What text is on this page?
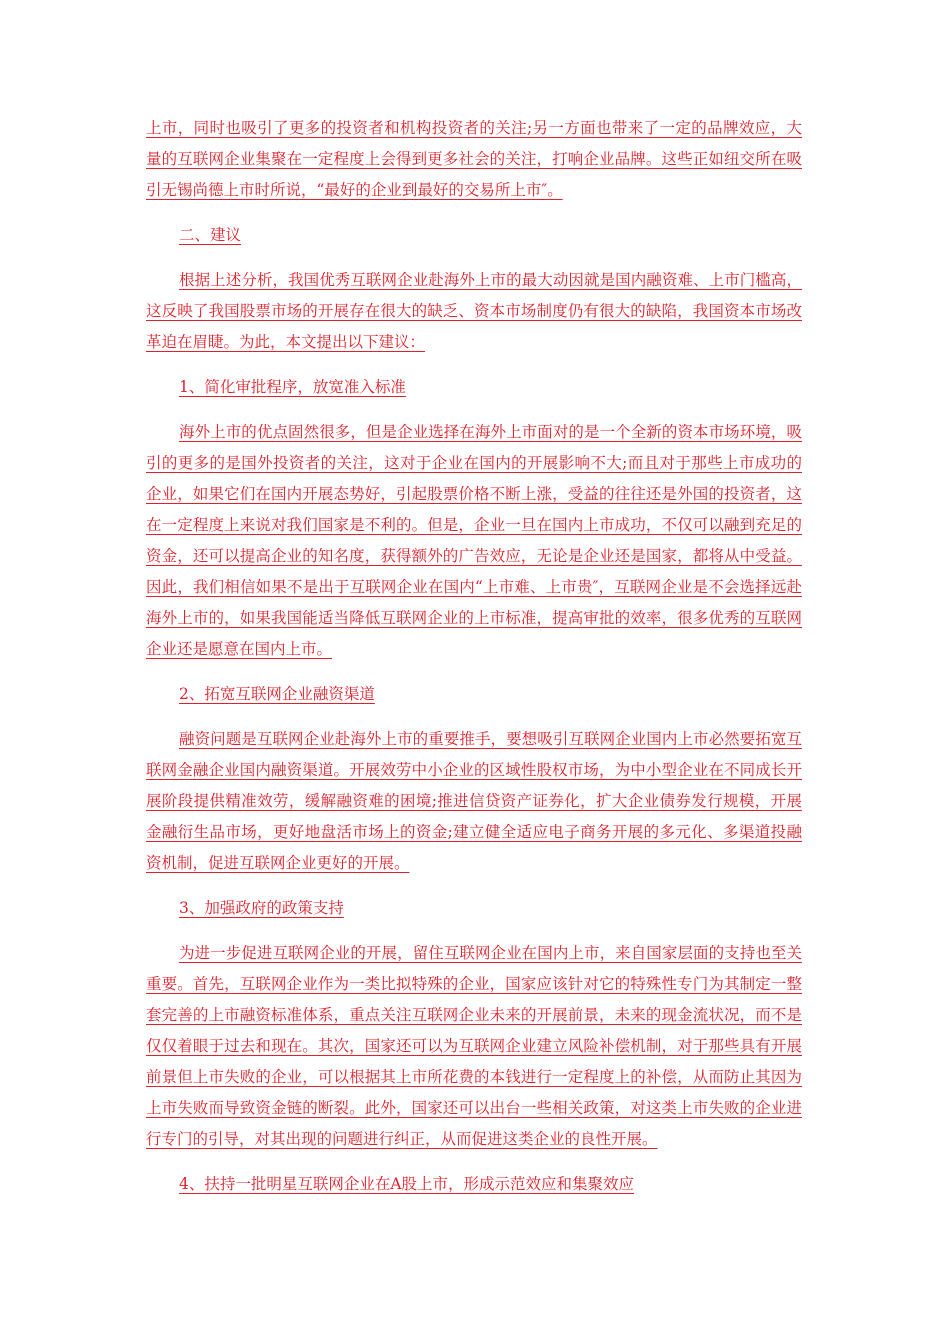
上市，同时也吸引了更多的投资者和机构投资者的关注;另一方面也带来了一定的品牌效应，大量的互联网企业集聚在一定程度上会得到更多社会的关注，打响企业品牌。这些正如纽交所在吸引无锡尚德上市时所说，“最好的企业到最好的交易所上市″。

二、建议

根据上述分析，我国优秀互联网企业赴海外上市的最大动因就是国内融资难、上市门槛高，这反映了我国股票市场的开展存在很大的缺乏、资本市场制度仍有很大的缺陷，我国资本市场改革迫在眉睫。为此，本文提出以下建议：

1、简化审批程序，放宽准入标准

海外上市的优点固然很多，但是企业选择在海外上市面对的是一个全新的资本市场环境，吸引的更多的是国外投资者的关注，这对于企业在国内的开展影响不大;而且对于那些上市成功的企业，如果它们在国内开展态势好，引起股票价格不断上涨，受益的往往还是外国的投资者，这在一定程度上来说对我们国家是不利的。但是，企业一旦在国内上市成功，不仅可以融到充足的资金，还可以提高企业的知名度，获得额外的广告效应，无论是企业还是国家，都将从中受益。因此，我们相信如果不是出于互联网企业在国内“上市难、上市贵″，互联网企业是不会选择远赴海外上市的，如果我国能适当降低互联网企业的上市标准，提高审批的效率，很多优秀的互联网企业还是愿意在国内上市。

2、拓宽互联网企业融资渠道

融资问题是互联网企业赴海外上市的重要推手，要想吸引互联网企业国内上市必然要拓宽互联网金融企业国内融资渠道。开展效劳中小企业的区域性股权市场，为中小型企业在不同成长开展阶段提供精准效劳，缓解融资难的困境;推进信贷资产证券化，扩大企业债券发行规模，开展金融衍生品市场，更好地盘活市场上的资金;建立健全适应电子商务开展的多元化、多渠道投融资机制，促进互联网企业更好的开展。

3、加强政府的政策支持

为进一步促进互联网企业的开展，留住互联网企业在国内上市，来自国家层面的支持也至关重要。首先，互联网企业作为一类比拟特殊的企业，国家应该针对它的特殊性专门为其制定一整套完善的上市融资标准体系，重点关注互联网企业未来的开展前景，未来的现金流状况，而不是仅仅着眼于过去和现在。其次，国家还可以为互联网企业建立风险补偿机制，对于那些具有开展前景但上市失败的企业，可以根据其上市所花费的本钱进行一定程度上的补偿，从而防止其因为上市失败而导致资金链的断裂。此外，国家还可以出台一些相关政策，对这类上市失败的企业进行专门的引导，对其出现的问题进行纠正，从而促进这类企业的良性开展。

4、扶持一批明星互联网企业在A股上市，形成示范效应和集聚效应
